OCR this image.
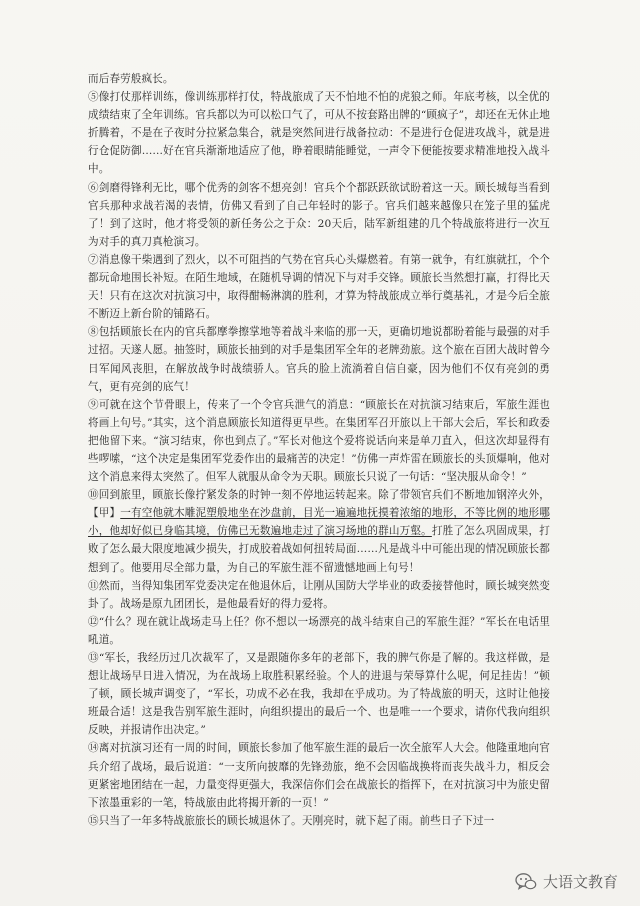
而后春劳般疯长。

⑤像打仗那样训练，像训练那样打仗，特战旅成了天不怕地不怕的虎狼之师。年底考核，以全优的成绩结束了全年训练。官兵都以为可以松口气了，可从不按套路出牌的“顾疯子”，却还在无休止地折腾着，不是在子夜时分拉紧急集合，就是突然间进行战备拉动：不是进行仓促进攻战斗，就是进行仓促防御……好在官兵渐渐地适应了他，睁着眼睛能睡觉，一声令下便能按要求精准地投入战斗中。

⑥剑磨得锋利无比，哪个优秀的剑客不想亮剑！官兵个个都跃跃欲试盼着这一天。顾长城每当看到官兵那种求战若渴的表情，仿佛又看到了自己年轻时的影子。官兵们越来越像只在笼子里的猛虎了！到了这时，他才将受领的新任务公之于众：20天后，陆军新组建的几个特战旅将进行一次互为对手的真刀真枪演习。

⑦消息像干柴遇到了烈火，以不可阻挡的气势在官兵心头爆燃着。有第一就争，有红旗就扛，个个都玩命地围长补短。在陌生地域，在随机导调的情况下与对手交锋。顾旅长当然想打赢，打得比天天！只有在这次对抗演习中，取得酣畅淋漓的胜利，才算为特战旅成立举行奠基礼，才是今后全旅不断迈上新台阶的铺路石。

⑧包括顾旅长在内的官兵都摩拳擦掌地等着战斗来临的那一天，更确切地说都盼着能与最强的对手过招。天遂人愿。抽签时，顾旅长抽到的对手是集团军全年的老牌劲旅。这个旅在百团大战时曾今日军闻风丧胆，在解放战争时战绩骄人。官兵的脸上流淌着自信自豪，因为他们不仅有亮剑的勇气，更有亮剑的底气！

⑨可就在这个节骨眼上，传来了一个令官兵泄气的消息：“顾旅长在对抗演习结束后，军旅生涯也将画上句号。”其实，这个消息顾旅长知道得更早些。在集团军召开旅以上干部大会后，军长和政委把他留下来。“演习结束，你也到点了。”军长对他这个爱将说话向来是单刀直入，但这次却显得有些啰嗦，“这个决定是集团军党委作出的最痛苦的决定！”仿佛一声炸雷在顾旅长的头顶爆响，他对这个消息来得太突然了。但军人就服从命令为天职。顾旅长只说了一句话：“坚决服从命令！”

⑩回到旅里，顾旅长像拧紧发条的时钟一刻不停地运转起来。除了带领官兵们不断地加钢淬火外，【甲】一有空他就木雕泥塑般地坐在沙盘前，目光一遍遍地抚摸着浓缩的地形，不等比例的地形哪小，他却好似已身临其境，仿佛已无数遍地走过了演习场地的群山万壑。打胜了怎么巩固成果，打败了怎么最大限度地减少损失，打成胶着战如何扭转局面……凡是战斗中可能出现的情况顾旅长都想到了。他要用尽全部力量，为自己的军旅生涯不留遗憾地画上句号！

⑪然而，当得知集团军党委决定在他退休后，让刚从国防大学毕业的政委接替他时，顾长城突然变卦了。战场是原九团团长，是他最看好的得力爱将。

⑫“什么？现在就让战场走马上任？你不想以一场漂亮的战斗结束自己的军旅生涯？”军长在电话里吼道。

⑬“军长，我经历过几次裁军了，又是跟随你多年的老部下，我的脾气你是了解的。我这样做，是想让战场早日进入情况，为在战场上取胜积累经验。个人的进退与荣辱算什么呢，何足挂齿！”顿了顿，顾长城声调变了，“军长，功成不必在我，我却在乎成功。为了特战旅的明天，这时让他接班最合适！这是我告别军旅生涯时，向组织提出的最后一个、也是唯一一个要求，请你代我向组织反映，并报请作出决定。”

⑭离对抗演习还有一周的时间，顾旅长参加了他军旅生涯的最后一次全旅军人大会。他隆重地向官兵介绍了战场，最后说道：“一支所向披靡的先锋劲旅，绝不会因临战换将而丧失战斗力，相反会更紧密地团结在一起，力量变得更强大，我深信你们会在战旅长的指挥下，在对抗演习中为旅史留下浓墨重彩的一笔，特战旅由此将揭开新的一页！”

⑮只当了一年多特战旅旅长的顾长城退休了。天刚亮时，就下起了雨。前些日子下过一

大语文教育
